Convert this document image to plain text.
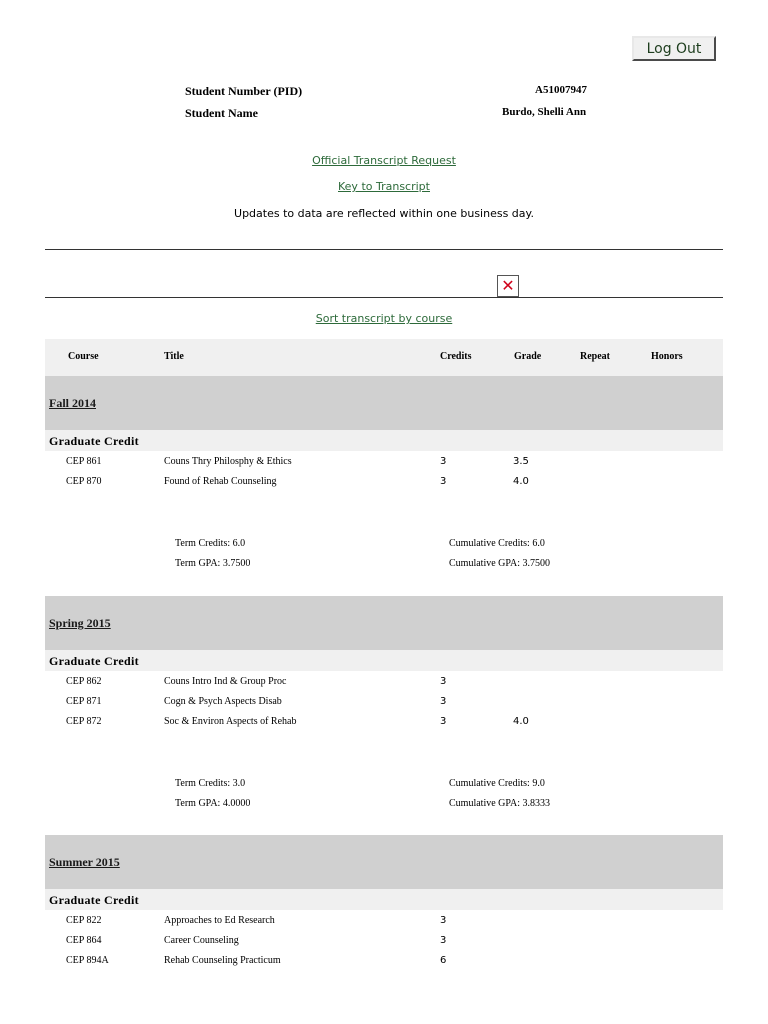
Log Out
Student Number (PID)	A51007947
Student Name	Burdo, Shelli Ann
Official Transcript Request
Key to Transcript
Updates to data are reflected within one business day.
✕
Sort transcript by course
Course	Title	Credits	Grade	Repeat	Honors
Fall 2014
Graduate Credit
CEP 861	Couns Thry Philosphy & Ethics	3	3.5
CEP 870	Found of Rehab Counseling	3	4.0
Term Credits: 6.0
Term GPA: 3.7500
Cumulative Credits: 6.0
Cumulative GPA: 3.7500
Spring 2015
Graduate Credit
CEP 862	Couns Intro Ind & Group Proc	3
CEP 871	Cogn & Psych Aspects Disab	3
CEP 872	Soc & Environ Aspects of Rehab	3	4.0
Term Credits: 3.0
Term GPA: 4.0000
Cumulative Credits: 9.0
Cumulative GPA: 3.8333
Summer 2015
Graduate Credit
CEP 822	Approaches to Ed Research	3
CEP 864	Career Counseling	3
CEP 894A	Rehab Counseling Practicum	6
